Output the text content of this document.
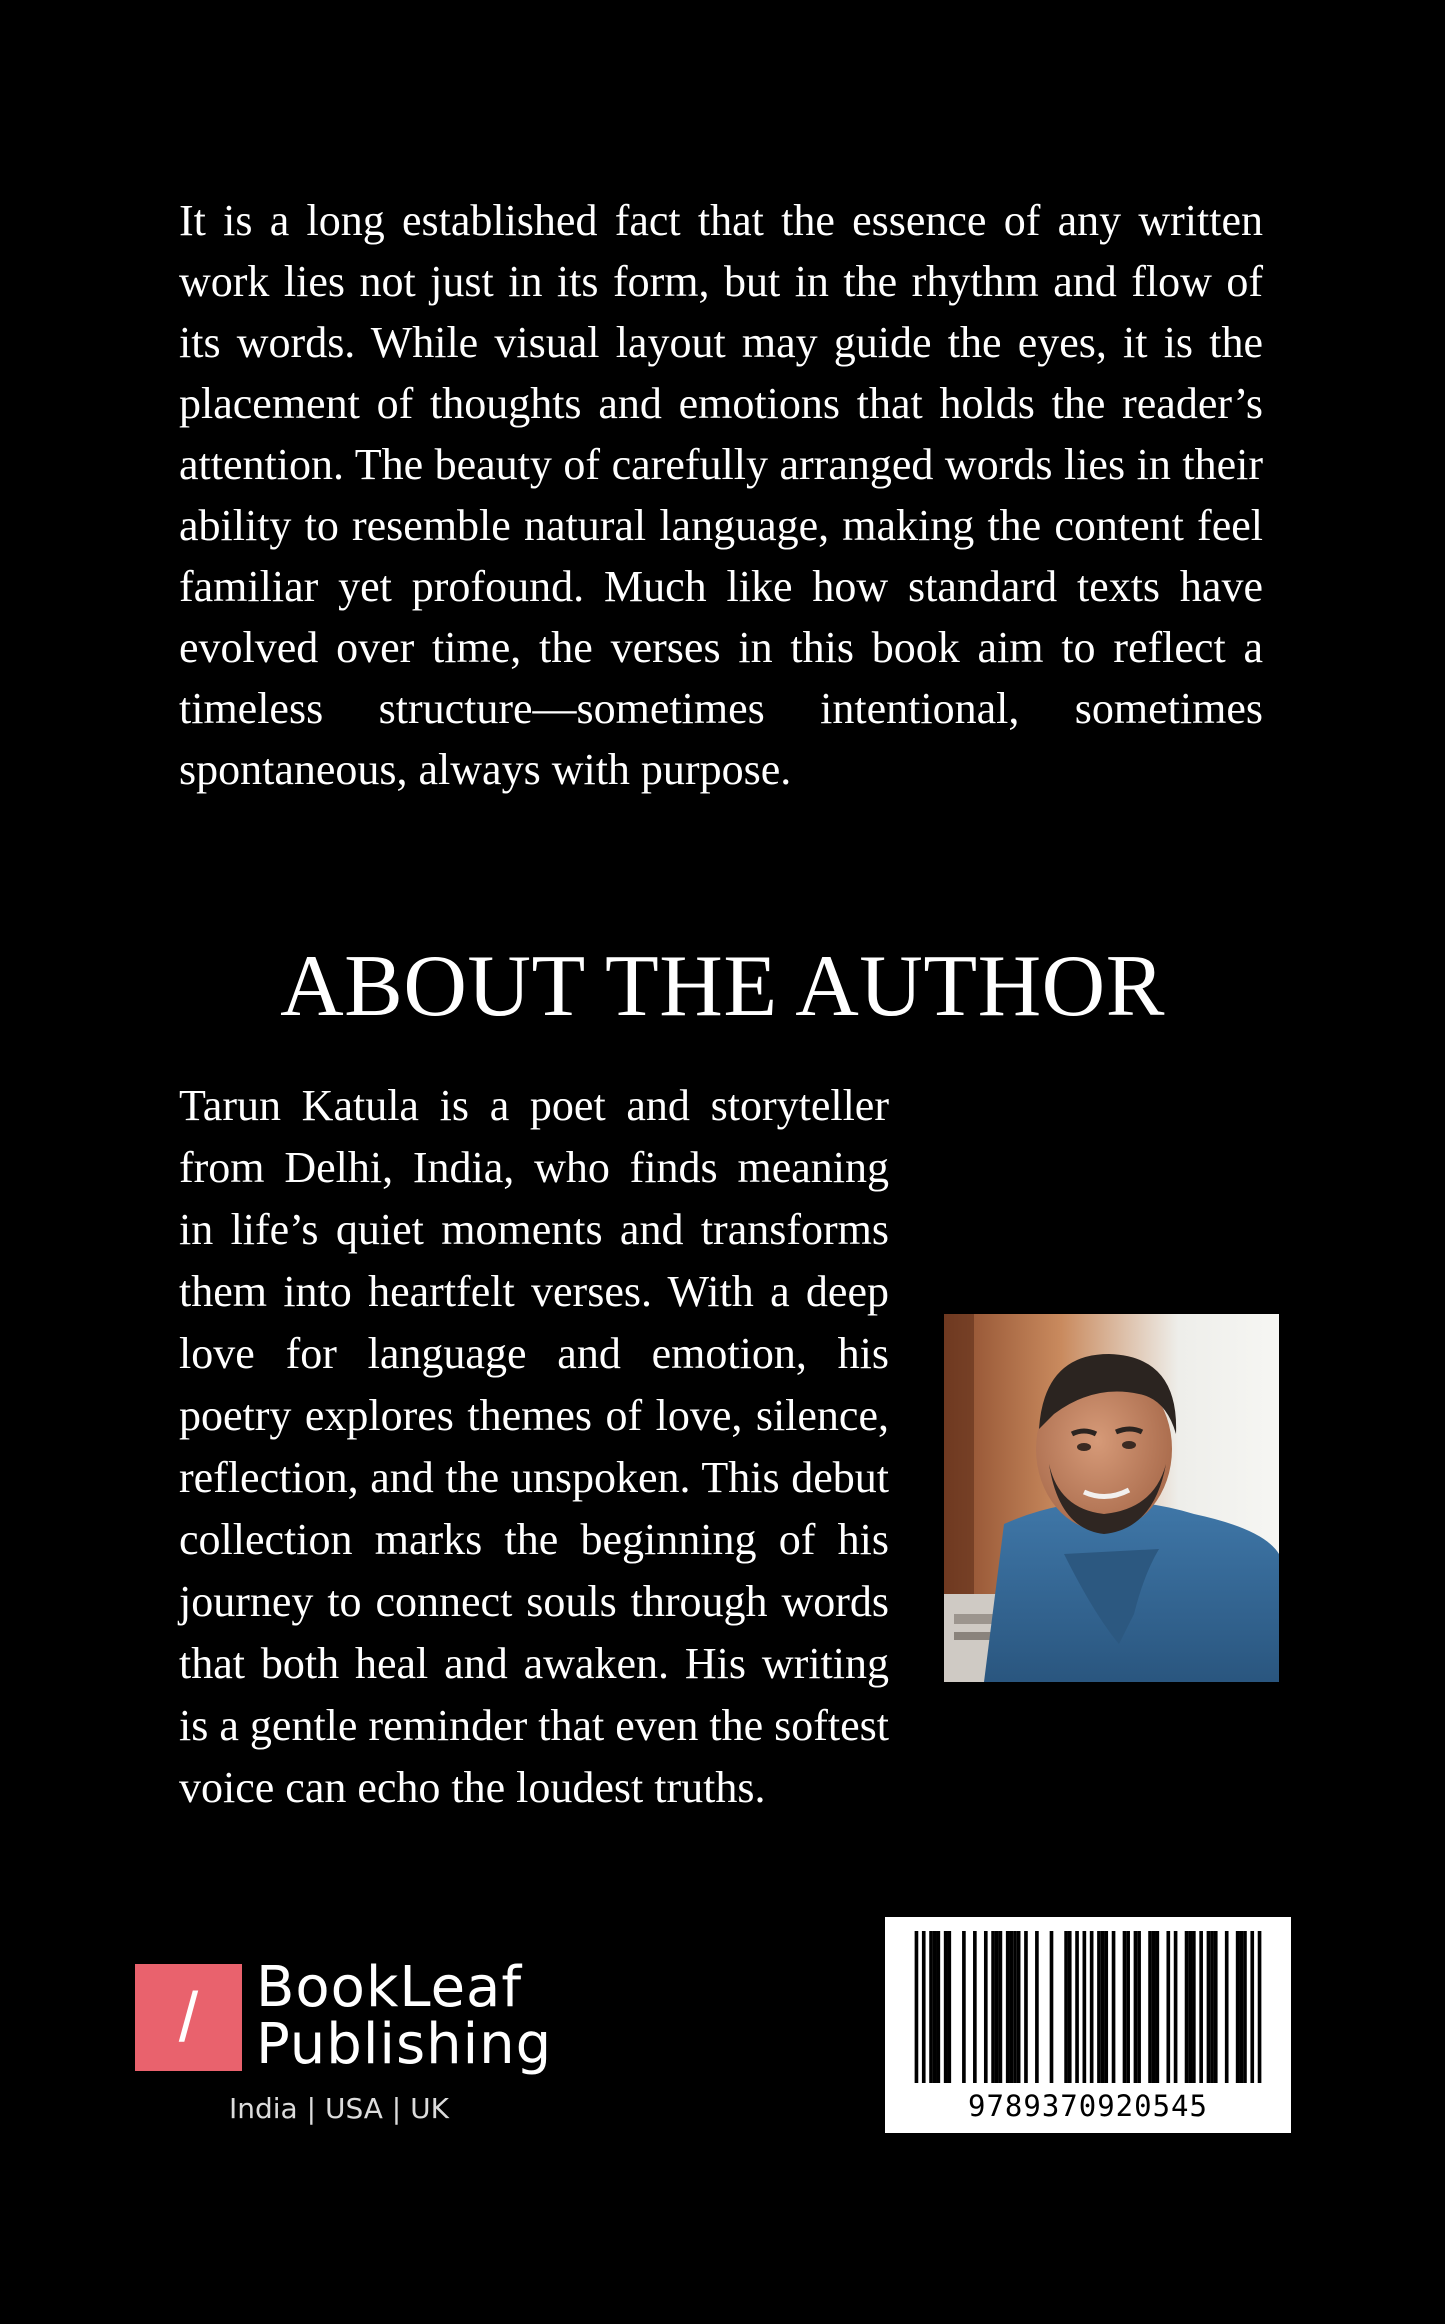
It is a long established fact that the essence of any written work lies not just in its form, but in the rhythm and flow of its words. While visual layout may guide the eyes, it is the placement of thoughts and emotions that holds the reader’s attention. The beauty of carefully arranged words lies in their ability to resemble natural language, making the content feel familiar yet profound. Much like how standard texts have evolved over time, the verses in this book aim to reflect a timeless structure—sometimes intentional, sometimes spontaneous, always with purpose.

ABOUT THE AUTHOR

Tarun Katula is a poet and storyteller from Delhi, India, who finds meaning in life’s quiet moments and transforms them into heartfelt verses. With a deep love for language and emotion, his poetry explores themes of love, silence, reflection, and the unspoken. This debut collection marks the beginning of his journey to connect souls through words that both heal and awaken. His writing is a gentle reminder that even the softest voice can echo the loudest truths.

/	BookLeaf
Publishing
India | USA | UK	9789370920545
